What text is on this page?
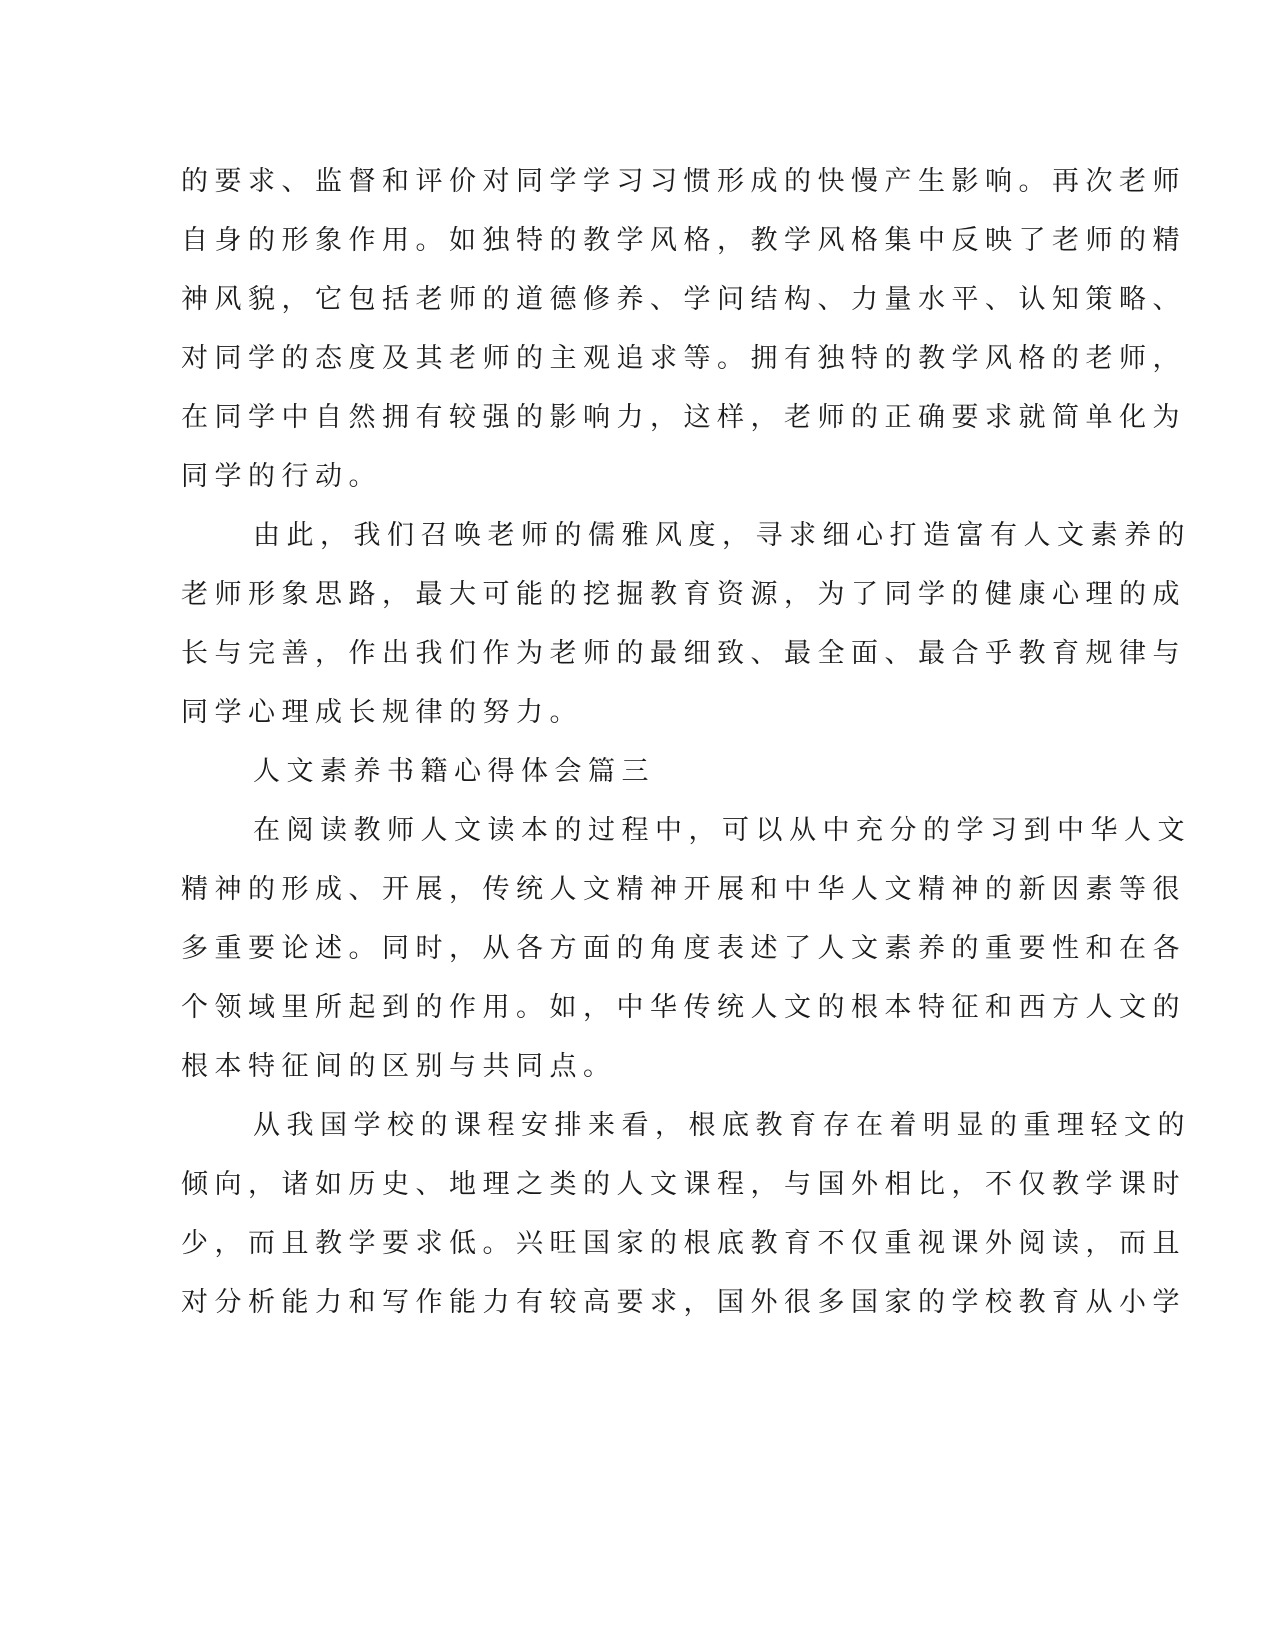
的要求、监督和评价对同学学习习惯形成的快慢产生影响。再次老师
自身的形象作用。如独特的教学风格，教学风格集中反映了老师的精
神风貌，它包括老师的道德修养、学问结构、力量水平、认知策略、
对同学的态度及其老师的主观追求等。拥有独特的教学风格的老师，
在同学中自然拥有较强的影响力，这样，老师的正确要求就简单化为
同学的行动。
由此，我们召唤老师的儒雅风度，寻求细心打造富有人文素养的
老师形象思路，最大可能的挖掘教育资源，为了同学的健康心理的成
长与完善，作出我们作为老师的最细致、最全面、最合乎教育规律与
同学心理成长规律的努力。
人文素养书籍心得体会篇三
在阅读教师人文读本的过程中，可以从中充分的学习到中华人文
精神的形成、开展，传统人文精神开展和中华人文精神的新因素等很
多重要论述。同时，从各方面的角度表述了人文素养的重要性和在各
个领域里所起到的作用。如，中华传统人文的根本特征和西方人文的
根本特征间的区别与共同点。
从我国学校的课程安排来看，根底教育存在着明显的重理轻文的
倾向，诸如历史、地理之类的人文课程，与国外相比，不仅教学课时
少，而且教学要求低。兴旺国家的根底教育不仅重视课外阅读，而且
对分析能力和写作能力有较高要求，国外很多国家的学校教育从小学
